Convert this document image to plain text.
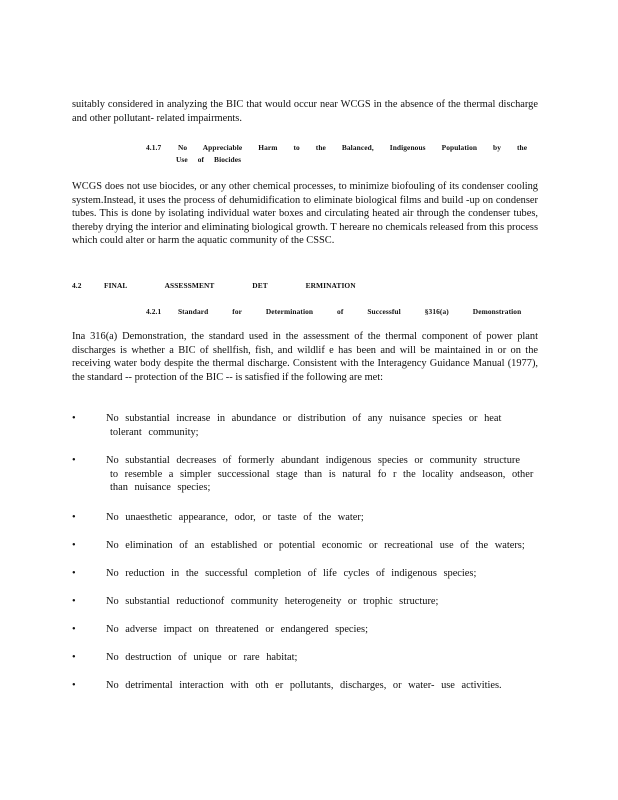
suitably considered in analyzing the BIC that would occur near WCGS in the absence of the thermal discharge and other pollutant- related impairments.

4.1.7 No Appreciable Harm to the Balanced, Indigenous Population by the
Use of Biocides

WCGS does not use biocides, or any other chemical processes, to minimize biofouling of its condenser cooling system.Instead, it uses the process of dehumidification to eliminate biological films and build -up on condenser tubes. This is done by isolating individual water boxes and circulating heated air through the condenser tubes, thereby drying the interior and eliminating biological growth. T hereare no chemicals released from this process which could alter or harm the aquatic community of the CSSC.

4.2	FINAL ASSESSMENT DET ERMINATION
4.2.1 Standard for Determination of Successful §316(a) Demonstration

Ina 316(a) Demonstration, the standard used in the assessment of the thermal component of power plant discharges is whether a BIC of shellfish, fish, and wildlif e has been and will be maintained in or on the receiving water body despite the thermal discharge. Consistent with the Interagency Guidance Manual (1977), the standard -- protection of the BIC -- is satisfied if the following are met:

•	No substantial increase in abundance or distribution of any nuisance species or heat
tolerant community;
•	No substantial decreases of formerly abundant indigenous species or community structure
to resemble a simpler successional stage than is natural fo r the locality andseason, other
than nuisance species;
•	No unaesthetic appearance, odor, or taste of the water;
•	No elimination of an established or potential economic or recreational use of the waters;
•	No reduction in the successful completion of life cycles of indigenous species;
•	No substantial reductionof community heterogeneity or trophic structure;
•	No adverse impact on threatened or endangered species;
•	No destruction of unique or rare habitat;
•	No detrimental interaction with oth er pollutants, discharges, or water- use activities.
